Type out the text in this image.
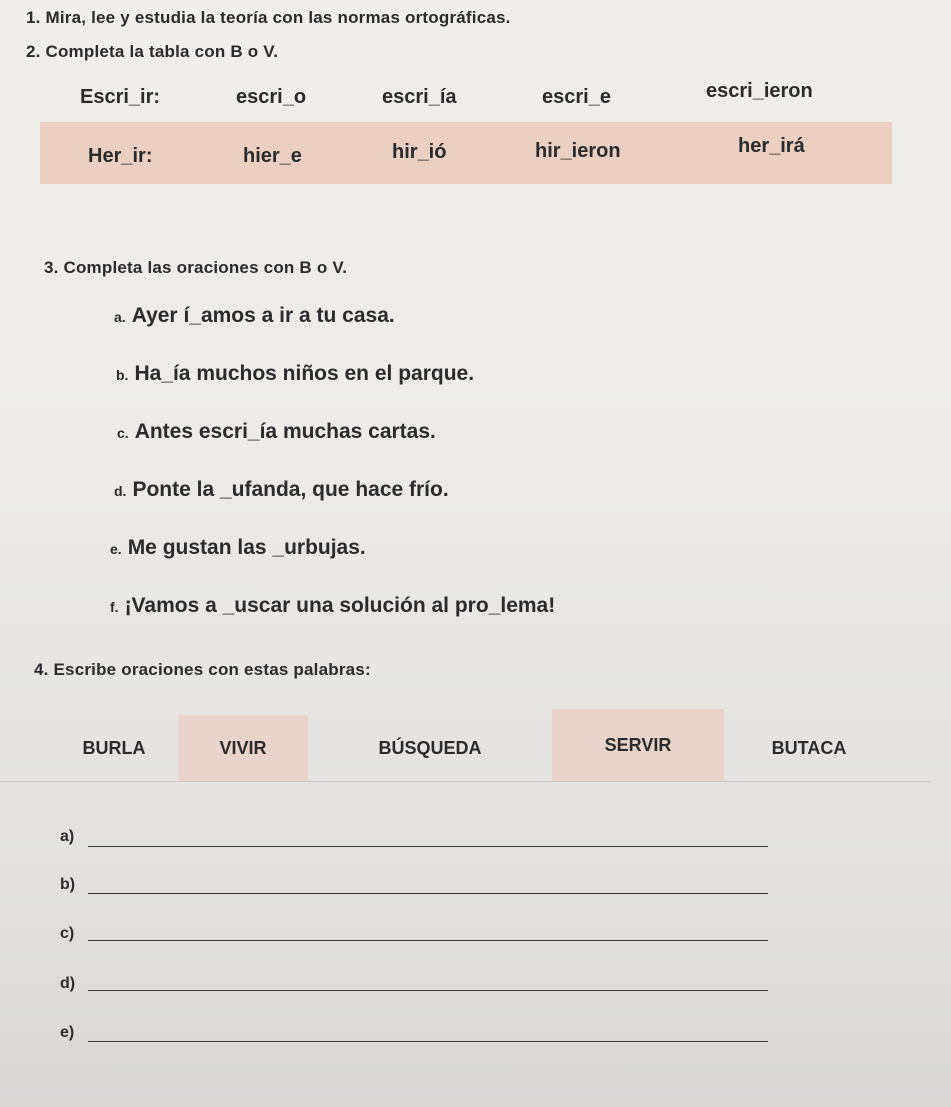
1. Mira, lee y estudia la teoría con las normas ortográficas.
2. Completa la tabla con B o V.
Escri_ir:	escri_o	escri_ía	escri_e	escri_ieron
Her_ir:	hier_e	hir_ió	hir_ieron	her_irá
3. Completa las oraciones con B o V.
a. Ayer í_amos a ir a tu casa.
b. Ha_ía muchos niños en el parque.
c. Antes escri_ía muchas cartas.
d. Ponte la _ufanda, que hace frío.
e. Me gustan las _urbujas.
f. ¡Vamos a _uscar una solución al pro_lema!
4. Escribe oraciones con estas palabras:
BURLA	VIVIR	BÚSQUEDA	SERVIR	BUTACA
a)
b)
c)
d)
e)
